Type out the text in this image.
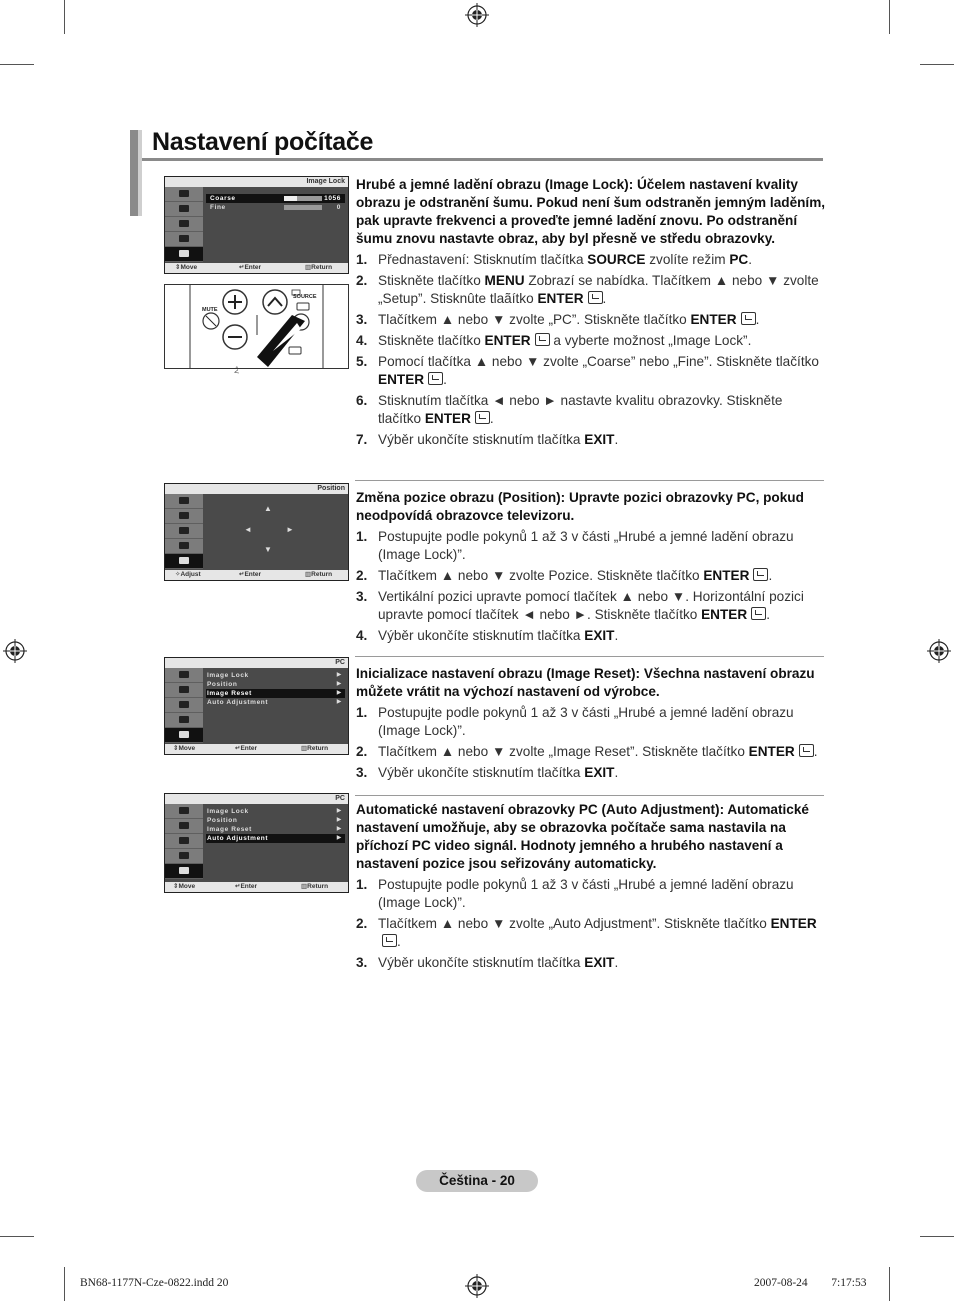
Nastavení počítače
Hrubé a jemné ladění obrazu (Image Lock): Účelem nastavení kvality obrazu je odstranění šumu. Pokud není šum odstraněn jemným laděním, pak upravte frekvenci a proveďte jemné ladění znovu. Po odstranění šumu znovu nastavte obraz, aby byl přesně ve středu obrazovky.
1. Přednastavení: Stisknutím tlačítka SOURCE zvolíte režim PC.
2. Stiskněte tlačítko MENU Zobrazí se nabídka. Tlačítkem ▲ nebo ▼ zvolte „Setup”. Stisknûte tlaãítko ENTER .
3. Tlačítkem ▲ nebo ▼ zvolte „PC”. Stiskněte tlačítko ENTER .
4. Stiskněte tlačítko ENTER a vyberte možnost „Image Lock”.
5. Pomocí tlačítka ▲ nebo ▼ zvolte „Coarse” nebo „Fine”. Stiskněte tlačítko ENTER .
6. Stisknutím tlačítka ◄ nebo ► nastavte kvalitu obrazovky. Stiskněte tlačítko ENTER .
7. Výběr ukončíte stisknutím tlačítka EXIT.
Změna pozice obrazu (Position): Upravte pozici obrazovky PC, pokud neodpovídá obrazovce televizoru.
1. Postupujte podle pokynů 1 až 3 v části „Hrubé a jemné ladění obrazu (Image Lock)”.
2. Tlačítkem ▲ nebo ▼ zvolte Pozice. Stiskněte tlačítko ENTER .
3. Vertikální pozici upravte pomocí tlačítek ▲ nebo ▼. Horizontální pozici upravte pomocí tlačítek ◄ nebo ►. Stiskněte tlačítko ENTER .
4. Výběr ukončíte stisknutím tlačítka EXIT.
Inicializace nastavení obrazu (Image Reset): Všechna nastavení obrazu můžete vrátit na výchozí nastavení od výrobce.
1. Postupujte podle pokynů 1 až 3 v části „Hrubé a jemné ladění obrazu (Image Lock)”.
2. Tlačítkem ▲ nebo ▼ zvolte „Image Reset”. Stiskněte tlačítko ENTER .
3. Výběr ukončíte stisknutím tlačítka EXIT.
Automatické nastavení obrazovky PC (Auto Adjustment): Automatické nastavení umožňuje, aby se obrazovka počítače sama nastavila na příchozí PC video signál. Hodnoty jemného a hrubého nastavení a nastavení pozice jsou seřizovány automaticky.
1. Postupujte podle pokynů 1 až 3 v části „Hrubé a jemné ladění obrazu (Image Lock)”.
2. Tlačítkem ▲ nebo ▼ zvolte „Auto Adjustment”. Stiskněte tlačítko ENTER.
3. Výběr ukončíte stisknutím tlačítka EXIT.
Image Lock
Coarse	1056
Fine	0
⇕ Move	↵ Enter	▥ Return
TV
MUTE
SOURCE
Position
▲
◄	►
▼
✧ Adjust	↵ Enter	▥ Return
PC
Image Lock	▶
Position	▶
Image Reset	▶
Auto Adjustment	▶
⇕ Move	↵ Enter	▥ Return
PC
Image Lock	▶
Position	▶
Image Reset	▶
Auto Adjustment	▶
⇕ Move	↵ Enter	▥ Return
Čeština - 20
BN68-1177N-Cze-0822.indd 20	2007-08-24 ￿￿ 7:17:53
